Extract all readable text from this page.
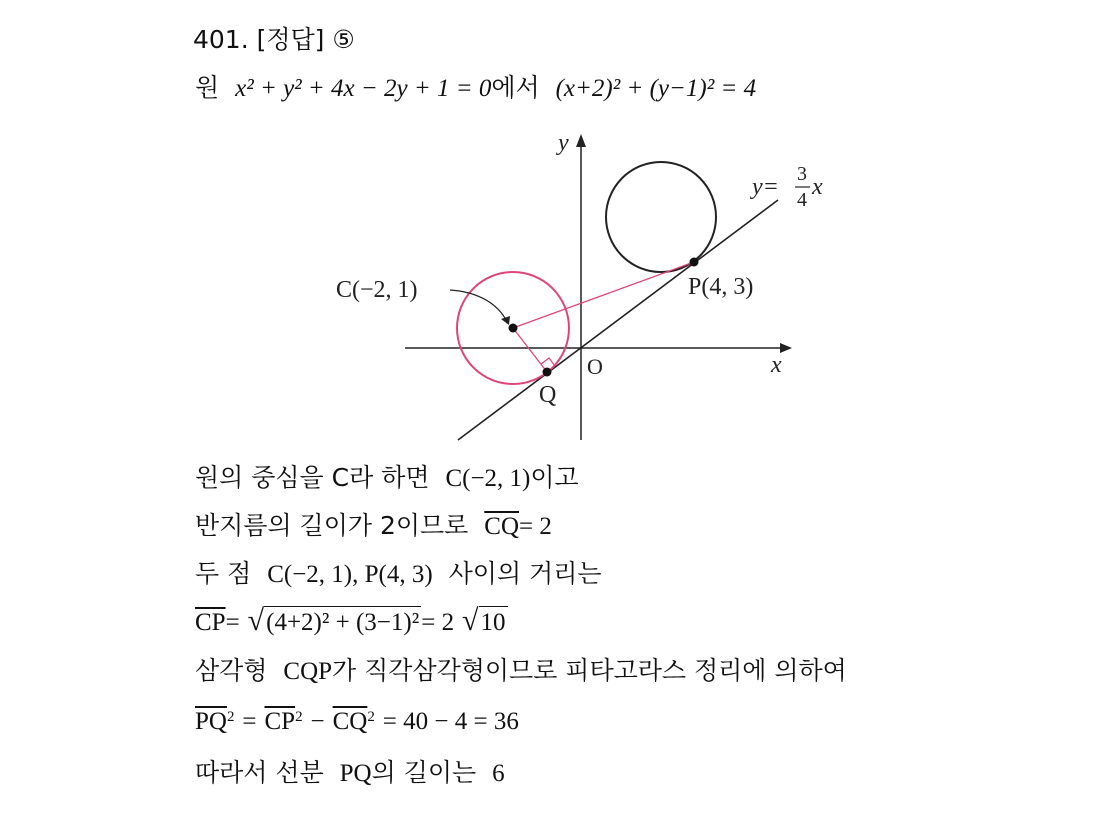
401. [정답] ⑤
원 x² + y² + 4x − 2y + 1 = 0에서 (x+2)² + (y−1)² = 4
y
x
O
C(−2, 1)	P(4, 3)
Q
y= 3
4 x
원의 중심을 C라 하면 C(−2, 1)이고
반지름의 길이가 2이므로 $\overline{CQ}= 2$
두 점 C(−2, 1), P(4, 3) 사이의 거리는
$\overline{CP}= √(4+2)^2 + (3-1)^2= 2$ √10
삼각형 CQP가 직각삼각형이므로 피타고라스 정리에 의하여
$\overline{PQ}^2 = \overline{CP}^2 - \overline{CQ}^2 = 40 - 4 = 36$
따라서 선분 PQ의 길이는 6
